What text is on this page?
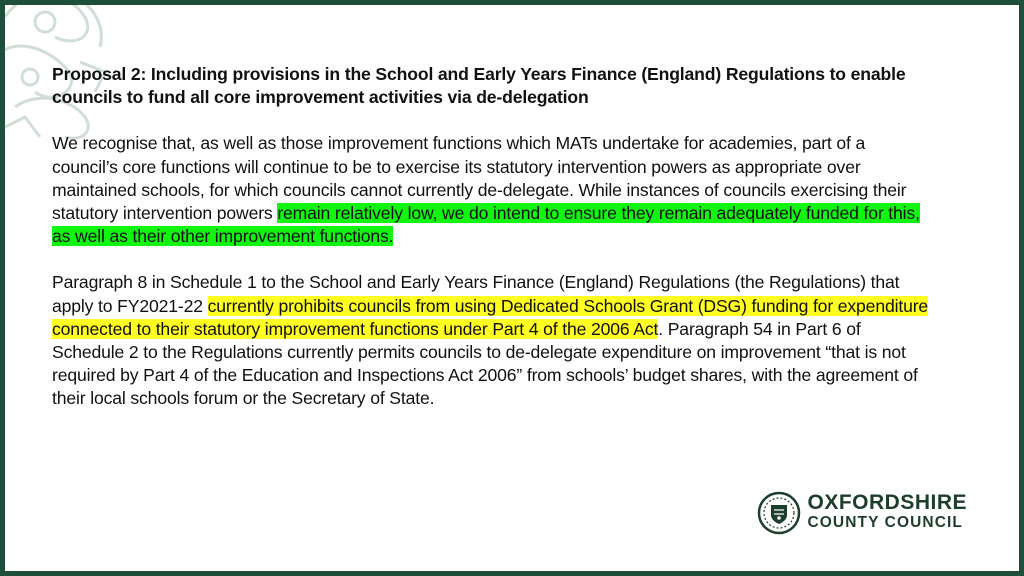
Proposal 2: Including provisions in the School and Early Years Finance (England) Regulations to enable councils to fund all core improvement activities via de-delegation
We recognise that, as well as those improvement functions which MATs undertake for academies, part of a council’s core functions will continue to be to exercise its statutory intervention powers as appropriate over maintained schools, for which councils cannot currently de-delegate. While instances of councils exercising their statutory intervention powers remain relatively low, we do intend to ensure they remain adequately funded for this, as well as their other improvement functions.
Paragraph 8 in Schedule 1 to the School and Early Years Finance (England) Regulations (the Regulations) that apply to FY2021-22 currently prohibits councils from using Dedicated Schools Grant (DSG) funding for expenditure connected to their statutory improvement functions under Part 4 of the 2006 Act. Paragraph 54 in Part 6 of Schedule 2 to the Regulations currently permits councils to de-delegate expenditure on improvement “that is not required by Part 4 of the Education and Inspections Act 2006” from schools’ budget shares, with the agreement of their local schools forum or the Secretary of State.
OXFORDSHIRE
COUNTY COUNCIL
